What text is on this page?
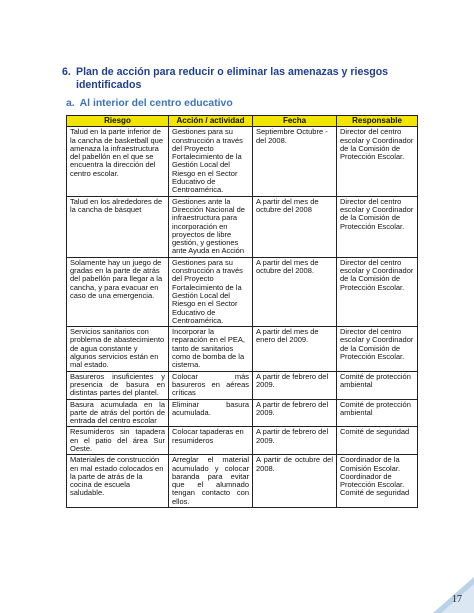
6. Plan de acción para reducir o eliminar las amenazas y riesgos identificados
a. Al interior del centro educativo
Riesgo	Acción / actividad	Fecha	Responsable
Talud en la parte inferior de la cancha de basketball que amenaza la infraestructura del pabellón en el que se encuentra la dirección del centro escolar.	Gestiones para su construcción a través del Proyecto Fortalecimiento de la Gestión Local del Riesgo en el Sector Educativo de Centroamérica.	Septiembre Octubre - del 2008.	Director del centro escolar y Coordinador de la Comisión de Protección Escolar.
Talud en los alrededores de la cancha de básquet	Gestiones ante la Dirección Nacional de infraestructura para incorporación en proyectos de libre gestión, y gestiones ante Ayuda en Acción	A partir del mes de octubre del 2008	Director del centro escolar y Coordinador de la Comisión de Protección Escolar.
Solamente hay un juego de gradas en la parte de atrás del pabellón para llegar a la cancha, y para evacuar en caso de una emergencia.	Gestiones para su construcción a través del Proyecto Fortalecimiento de la Gestión Local del Riesgo en el Sector Educativo de Centroamérica.	A partir del mes de octubre del 2008.	Director del centro escolar y Coordinador de la Comisión de Protección Escolar.
Servicios sanitarios con problema de abastecimiento de agua constante y algunos servicios están en mal estado.	Incorporar la reparación en el PEA, tanto de sanitarios como de bomba de la cisterna.	A partir del mes de enero del 2009.	Director del centro escolar y Coordinador de la Comisión de Protección Escolar.
Basureros insuficientes y presencia de basura en distintas partes del plantel.	Colocar más basureros en aéreas críticas	A partir de febrero del 2009.	Comité de protección ambiental
Basura acumulada en la parte de atrás del portón de entrada del centro escolar	Eliminar basura acumulada.	A partir de febrero del 2009.	Comité de protección ambiental
Resumideros sin tapadera en el patio del área Sur Oeste.	Colocar tapaderas en resumideros	A partir de febrero del 2009.	Comité de seguridad
Materiales de construcción en mal estado colocados en la parte de atrás de la cocina de escuela saludable.	Arreglar el material acumulado y colocar baranda para evitar que el alumnado tengan contacto con ellos.	A partir de octubre del 2008.	Coordinador de la Comisión Escolar. Coordinador de Protección Escolar. Comité de seguridad
17
